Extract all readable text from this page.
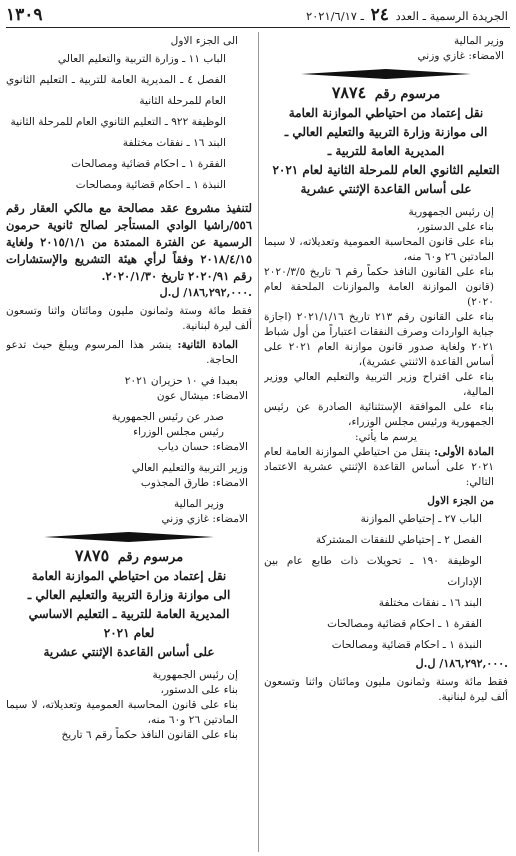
الجريدة الرسمية ـ العدد ٢٤ ـ ٢٠٢١/٦/١٧
١٣٠٩
وزير المالية
الامضاء: غازي وزني
مرسوم رقم ٧٨٧٤
نقل إعتماد من احتياطي الموازنة العامة
الى موازنة وزارة التربية والتعليم العالي ـ
المديرية العامة للتربية ـ
التعليم الثانوي العام للمرحلة الثانية لعام ٢٠٢١
على أساس القاعدة الإثنتي عشرية
إن رئيس الجمهورية
بناء على الدستور،
بناء على قانون المحاسبة العمومية وتعديلاته، لا سيما المادتين ٢٦ و٦٠ منه،
بناء على القانون النافذ حكماً رقم ٦ تاريخ ٢٠٢٠/٣/٥ (قانون الموازنة العامة والموازنات الملحقة لعام ٢٠٢٠)
بناء على القانون رقم ٢١٣ تاريخ ٢٠٢١/١/١٦ (اجازة جباية الواردات وصرف النفقات اعتباراً من أول شباط ٢٠٢١ ولغاية صدور قانون موازنة العام ٢٠٢١ على أساس القاعدة الاثنتي عشرية)،
بناء على اقتراح وزير التربية والتعليم العالي ووزير المالية،
بناء على الموافقة الإستثنائية الصادرة عن رئيس الجمهورية ورئيس مجلس الوزراء،
يرسم ما يأتي:
المادة الأولى: ينقل من احتياطي الموازنة العامة لعام ٢٠٢١ على أساس القاعدة الإثنتي عشرية الاعتماد التالي:
من الجزء الاول
الباب ٢٧ ـ إحتياطي الموازنة
الفصل ٢ ـ إحتياطي للنفقات المشتركة
الوظيفة ١٩٠ ـ تحويلات ذات طابع عام بين الإدارات
البند ١٦ ـ نفقات مختلفة
الفقرة ١ ـ احكام قضائية ومصالحات
النبذة ١ ـ احكام قضائية ومصالحات
١٨٦,٢٩٢,٠٠٠/ ل.ل.
فقط مائة وستة وثمانون مليون ومائتان واثنا وتسعون ألف ليرة لبنانية.
الى الجزء الاول
الباب ١١ ـ وزارة التربية والتعليم العالي
الفصل ٤ ـ المديرية العامة للتربية ـ التعليم الثانوي العام للمرحلة الثانية
الوظيفة ٩٢٢ ـ التعليم الثانوي العام للمرحلة الثانية
البند ١٦ ـ نفقات مختلفة
الفقرة ١ ـ احكام قضائية ومصالحات
النبذة ١ ـ احكام قضائية ومصالحات
لتنفيذ مشروع عقد مصالحة مع مالكي العقار رقم ٥٥٦/راشيا الوادي المستأجر لصالح ثانوية حرمون الرسمية عن الفترة الممتدة من ٢٠١٥/١/١ ولغاية ٢٠١٨/٤/١٥ وفقاً لرأي هيئة التشريع والإستشارات رقم ٢٠٢٠/٩١ تاريخ ٢٠٢٠/١/٣٠.
١٨٦,٢٩٢,٠٠٠/ ل.ل.
فقط مائة وستة وثمانون مليون ومائتان واثنا وتسعون ألف ليرة لبنانية.
المادة الثانية: ينشر هذا المرسوم ويبلغ حيث تدعو الحاجة.
بعبدا في ١٠ حزيران ٢٠٢١
الامضاء: ميشال عون
صدر عن رئيس الجمهورية
رئيس مجلس الوزراء
الامضاء: حسان دياب
وزير التربية والتعليم العالي
الامضاء: طارق المجذوب
وزير المالية
الامضاء: غازي وزني
مرسوم رقم ٧٨٧٥
نقل إعتماد من احتياطي الموازنة العامة
الى موازنة وزارة التربية والتعليم العالي ـ
المديرية العامة للتربية ـ التعليم الاساسي
لعام ٢٠٢١
على أساس القاعدة الإثنتي عشرية
إن رئيس الجمهورية
بناء على الدستور،
بناء على قانون المحاسبة العمومية وتعديلاته، لا سيما المادتين ٢٦ و٦٠ منه،
بناء على القانون النافذ حكماً رقم ٦ تاريخ
